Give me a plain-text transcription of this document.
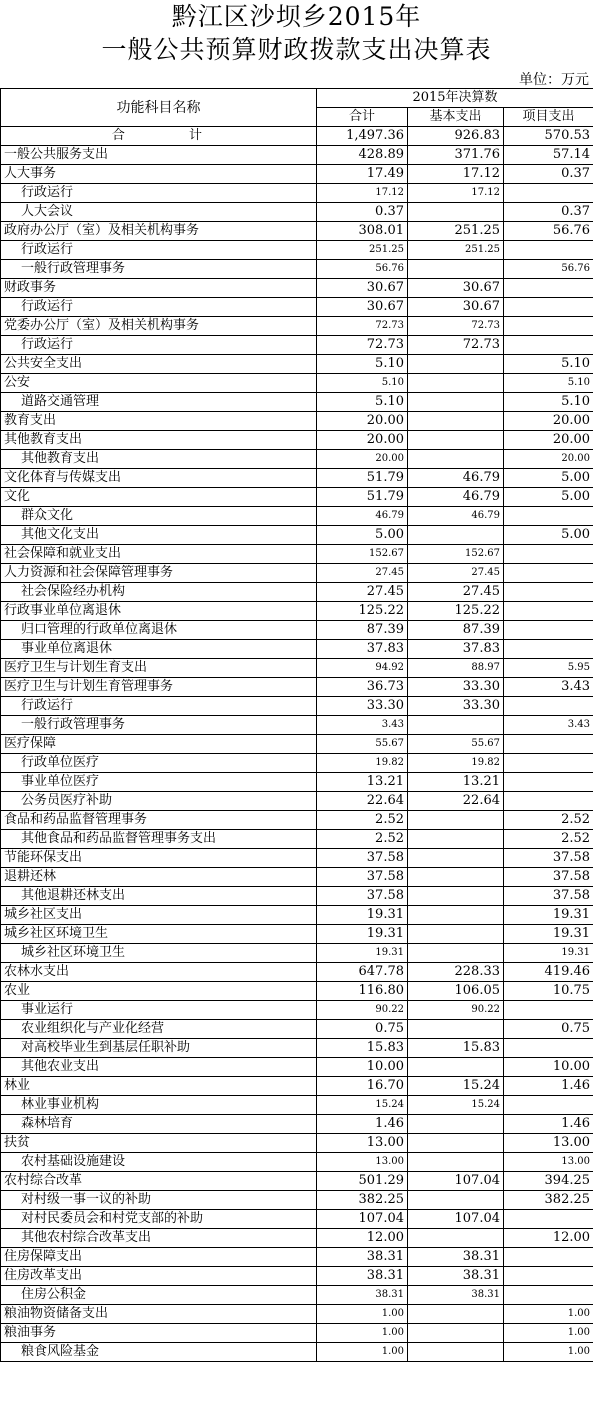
黔江区沙坝乡2015年
一般公共预算财政拨款支出决算表
单位：万元
功能科目名称	2015年决算数		
	合计	基本支出	项目支出
合 计	1,497.36	926.83	570.53
一般公共服务支出	428.89	371.76	57.14
人大事务	17.49	17.12	0.37
行政运行	17.12	17.12	
人大会议	0.37		0.37
政府办公厅（室）及相关机构事务	308.01	251.25	56.76
行政运行	251.25	251.25	
一般行政管理事务	56.76		56.76
财政事务	30.67	30.67	
行政运行	30.67	30.67	
党委办公厅（室）及相关机构事务	72.73	72.73	
行政运行	72.73	72.73	
公共安全支出	5.10		5.10
公安	5.10		5.10
道路交通管理	5.10		5.10
教育支出	20.00		20.00
其他教育支出	20.00		20.00
其他教育支出	20.00		20.00
文化体育与传媒支出	51.79	46.79	5.00
文化	51.79	46.79	5.00
群众文化	46.79	46.79	
其他文化支出	5.00		5.00
社会保障和就业支出	152.67	152.67	
人力资源和社会保障管理事务	27.45	27.45	
社会保险经办机构	27.45	27.45	
行政事业单位离退休	125.22	125.22	
归口管理的行政单位离退休	87.39	87.39	
事业单位离退休	37.83	37.83	
医疗卫生与计划生育支出	94.92	88.97	5.95
医疗卫生与计划生育管理事务	36.73	33.30	3.43
行政运行	33.30	33.30	
一般行政管理事务	3.43		3.43
医疗保障	55.67	55.67	
行政单位医疗	19.82	19.82	
事业单位医疗	13.21	13.21	
公务员医疗补助	22.64	22.64	
食品和药品监督管理事务	2.52		2.52
其他食品和药品监督管理事务支出	2.52		2.52
节能环保支出	37.58		37.58
退耕还林	37.58		37.58
其他退耕还林支出	37.58		37.58
城乡社区支出	19.31		19.31
城乡社区环境卫生	19.31		19.31
城乡社区环境卫生	19.31		19.31
农林水支出	647.78	228.33	419.46
农业	116.80	106.05	10.75
事业运行	90.22	90.22	
农业组织化与产业化经营	0.75		0.75
对高校毕业生到基层任职补助	15.83	15.83	
其他农业支出	10.00		10.00
林业	16.70	15.24	1.46
林业事业机构	15.24	15.24	
森林培育	1.46		1.46
扶贫	13.00		13.00
农村基础设施建设	13.00		13.00
农村综合改革	501.29	107.04	394.25
对村级一事一议的补助	382.25		382.25
对村民委员会和村党支部的补助	107.04	107.04	
其他农村综合改革支出	12.00		12.00
住房保障支出	38.31	38.31	
住房改革支出	38.31	38.31	
住房公积金	38.31	38.31	
粮油物资储备支出	1.00		1.00
粮油事务	1.00		1.00
粮食风险基金	1.00		1.00
